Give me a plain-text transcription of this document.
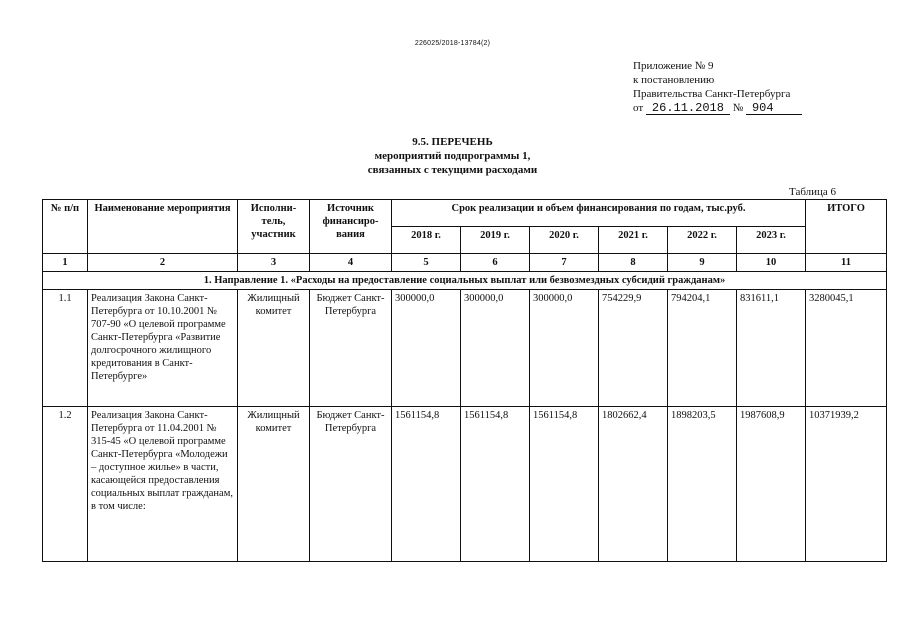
226025/2018-13784(2)
Приложение № 9
к постановлению
Правительства Санкт-Петербурга
от 26.11.2018 № 904
9.5. ПЕРЕЧЕНЬ
мероприятий подпрограммы 1,
связанных с текущими расходами
Таблица 6
№ п/п	Наименование мероприятия	Исполни-тель, участник	Источник финансиро-вания	Срок реализации и объем финансирования по годам, тыс.руб.						ИТОГО
				2018 г.	2019 г.	2020 г.	2021 г.	2022 г.	2023 г.	
1	2	3	4	5	6	7	8	9	10	11
1. Направление 1. «Расходы на предоставление социальных выплат или безвозмездных субсидий гражданам»										
1.1	Реализация Закона Санкт-Петербурга от 10.10.2001 № 707-90 «О целевой программе Санкт-Петербурга «Развитие долгосрочного жилищного кредитования в Санкт-Петербурге»	Жилищный комитет	Бюджет Санкт-Петербурга	300000,0	300000,0	300000,0	754229,9	794204,1	831611,1	3280045,1
1.2	Реализация Закона Санкт-Петербурга от 11.04.2001 № 315-45 «О целевой программе Санкт-Петербурга «Молодежи – доступное жилье» в части, касающейся предоставления социальных выплат гражданам, в том числе:	Жилищный комитет	Бюджет Санкт-Петербурга	1561154,8	1561154,8	1561154,8	1802662,4	1898203,5	1987608,9	10371939,2
